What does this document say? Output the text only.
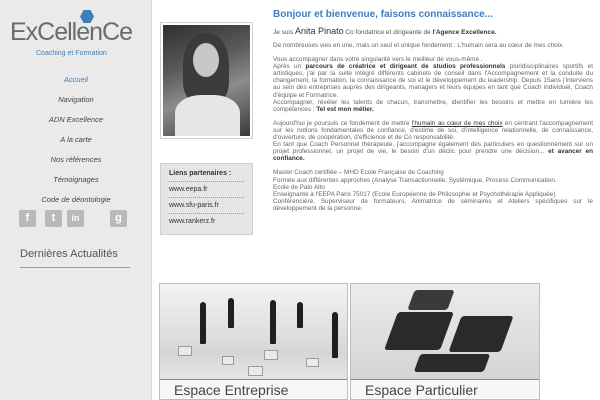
ExCellenCe
Coaching et Formation
Accueil
Navigation
ADN Excellence
A la carte
Nos références
Témoignages
Code de déontologie
f	t	in	g
Dernières Actualités
Liens partenaires :
www.eepa.fr
www.sfu-paris.fr
www.rankerz.fr
Bonjour et bienvenue, faisons connaissance...
Je suis Anita Pinato Co fondatrice et dirigeante de l'Agence Excellence.

De nombreuses vies en une, mais un seul et unique fondement : L'humain sera au cœur de mes choix.

Vous accompagner dans votre singularité vers le meilleur de vous-même .
Après un parcours de créatrice et dirigeant de studios professionnels pluridisciplinaires sportifs et artistiques, j'ai par la suite intégré différents cabinets de conseil dans l'Accompagnement et la conduite du changement, la formation, la connaissance de soi et le développement du leadership. Depuis 15ans j'interviens au sein des entreprises auprès des dirigeants, managers et leurs équipes en tant que Coach individuel, Coach d'équipe et Formatrice.
Accompagner, révéler les talents de chacun, transmettre, identifier les besoins et mettre en lumière les compétences : Tel est mon métier.

Aujourd'hui je poursuis ce fondement de mettre l'humain au cœur de mes choix en centrant l'accompagnement sur les notions fondamentales de confiance, d'estime de soi, d'intelligence relationnelle, de connaissance, d'ouverture, de coopération, d'efficience et de Co responsabilité.
En tant que Coach Personnel thérapeute, j'accompagne également des particuliers en questionnement sur un projet professionnel, un projet de vie, le besoin d'un déclic pour prendre une décision... et avancer en confiance.

Master Coach certifiée – MHD Ecole Française de Coaching
Formée aux différentes approches (Analyse Transactionnelle, Systémique, Process Communication.
Ecole de Palo Alto
Enseignante à l'EEPA Paris 75017 (Ecole Européenne de Philosophie et Psychothérapie Appliquée)
Conférencière, Superviseur de formateurs, Animatrice de séminaires et Ateliers spécifiques sur le développement de la personne.

Espace Entreprise	Espace Particulier
